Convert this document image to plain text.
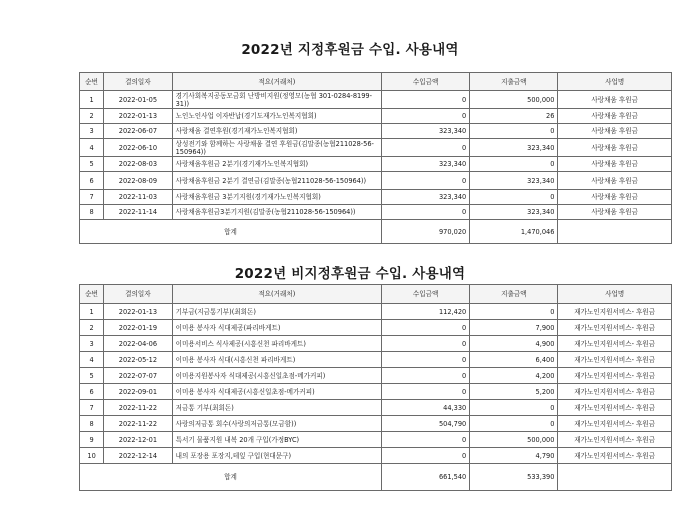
2022년 지정후원금 수입. 사용내역
순번	결의일자	적요(거래처)	수입금액	지출금액	사업명
1	2022-01-05	경기사회복지공동모금회 난방비지원(정영모(농협 301-0284-8199-31))	0	500,000	사랑채움 후원금
2	2022-01-13	노인노인사업 이자반납(경기도재가노인복지협회)	0	26	사랑채움 후원금
3	2022-06-07	사랑채움 결연후원(경기재가노인복지협회)	323,340	0	사랑채움 후원금
4	2022-06-10	상성전기와 함께하는 사랑채움 결연 후원금(김말종(농협211028-56-150964))	0	323,340	사랑채움 후원금
5	2022-08-03	사랑채움후원금 2분기(경기재가노인복지협회)	323,340	0	사랑채움 후원금
6	2022-08-09	사랑채움후원금 2분기 결연금(김말종(농협211028-56-150964))	0	323,340	사랑채움 후원금
7	2022-11-03	사랑채움후원금 3분기지원(경기재가노인복지협회)	323,340	0	사랑채움 후원금
8	2022-11-14	사랑채움후원금3분기지원(김말종(농협211028-56-150964))	0	323,340	사랑채움 후원금
합계			970,020	1,470,046	
2022년 비지정후원금 수입. 사용내역
순번	결의일자	적요(거래처)	수입금액	지출금액	사업명
1	2022-01-13	기부금(지금통기부)(최회돈)	112,420	0	재가노인지원서비스- 후원금
2	2022-01-19	이미용 봉사자 식대제공(파리바게트)	0	7,900	재가노인지원서비스- 후원금
3	2022-04-06	이미용서비스 식사제공(시흥신천 파리바게트)	0	4,900	재가노인지원서비스- 후원금
4	2022-05-12	이미용 봉사자 식대(시흥신천 파리바게트)	0	6,400	재가노인지원서비스- 후원금
5	2022-07-07	이미용지원봉사자 식대제공(시흥신일초점-메가커피)	0	4,200	재가노인지원서비스- 후원금
6	2022-09-01	이미용 봉사자 식대제공(시흥신일초점-메가커피)	0	5,200	재가노인지원서비스- 후원금
7	2022-11-22	저금통 기부(최회돈)	44,330	0	재가노인지원서비스- 후원금
8	2022-11-22	사랑의저금통 회수(사랑의저금통(모금함))	504,790	0	재가노인지원서비스- 후원금
9	2022-12-01	특서기 물품지원 내복 20개 구입(가정BYC)	0	500,000	재가노인지원서비스- 후원금
10	2022-12-14	내의 포장용 포장지,테잎 구입(현대문구)	0	4,790	재가노인지원서비스- 후원금
합계			661,540	533,390	
